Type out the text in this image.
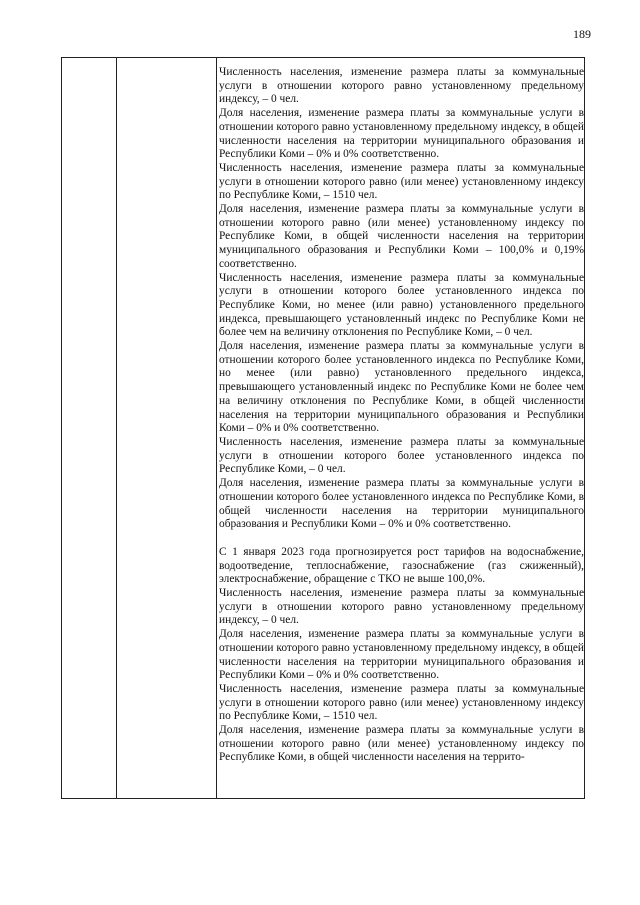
189

Численность населения, изменение размера платы за коммунальные услуги в отношении которого равно установленному предельному индексу, – 0 чел.

Доля населения, изменение размера платы за коммунальные услуги в отношении которого равно установленному предельному индексу, в общей численности населения на территории муниципального образования и Республики Коми – 0% и 0% соответственно.

Численность населения, изменение размера платы за коммунальные услуги в отношении которого равно (или менее) установленному индексу по Республике Коми, – 1510 чел.

Доля населения, изменение размера платы за коммунальные услуги в отношении которого равно (или менее) установленному индексу по Республике Коми, в общей численности населения на территории муниципального образования и Республики Коми – 100,0% и 0,19% соответственно.

Численность населения, изменение размера платы за коммунальные услуги в отношении которого более установленного индекса по Республике Коми, но менее (или равно) установленного предельного индекса, превышающего установленный индекс по Республике Коми не более чем на величину отклонения по Республике Коми, – 0 чел.

Доля населения, изменение размера платы за коммунальные услуги в отношении которого более установленного индекса по Республике Коми, но менее (или равно) установленного предельного индекса, превышающего установленный индекс по Республике Коми не более чем на величину отклонения по Республике Коми, в общей численности населения на территории муниципального образования и Республики Коми – 0% и 0% соответственно.

Численность населения, изменение размера платы за коммунальные услуги в отношении которого более установленного индекса по Республике Коми, – 0 чел.

Доля населения, изменение размера платы за коммунальные услуги в отношении которого более установленного индекса по Республике Коми, в общей численности населения на территории муниципального образования и Республики Коми – 0% и 0% соответственно.

С 1 января 2023 года прогнозируется рост тарифов на водоснабжение, водоотведение, теплоснабжение, газоснабжение (газ сжиженный), электроснабжение, обращение с ТКО не выше 100,0%.

Численность населения, изменение размера платы за коммунальные услуги в отношении которого равно установленному предельному индексу, – 0 чел.

Доля населения, изменение размера платы за коммунальные услуги в отношении которого равно установленному предельному индексу, в общей численности населения на территории муниципального образования и Республики Коми – 0% и 0% соответственно.

Численность населения, изменение размера платы за коммунальные услуги в отношении которого равно (или менее) установленному индексу по Республике Коми, – 1510 чел.

Доля населения, изменение размера платы за коммунальные услуги в отношении которого равно (или менее) установленному индексу по Республике Коми, в общей численности населения на террито-
